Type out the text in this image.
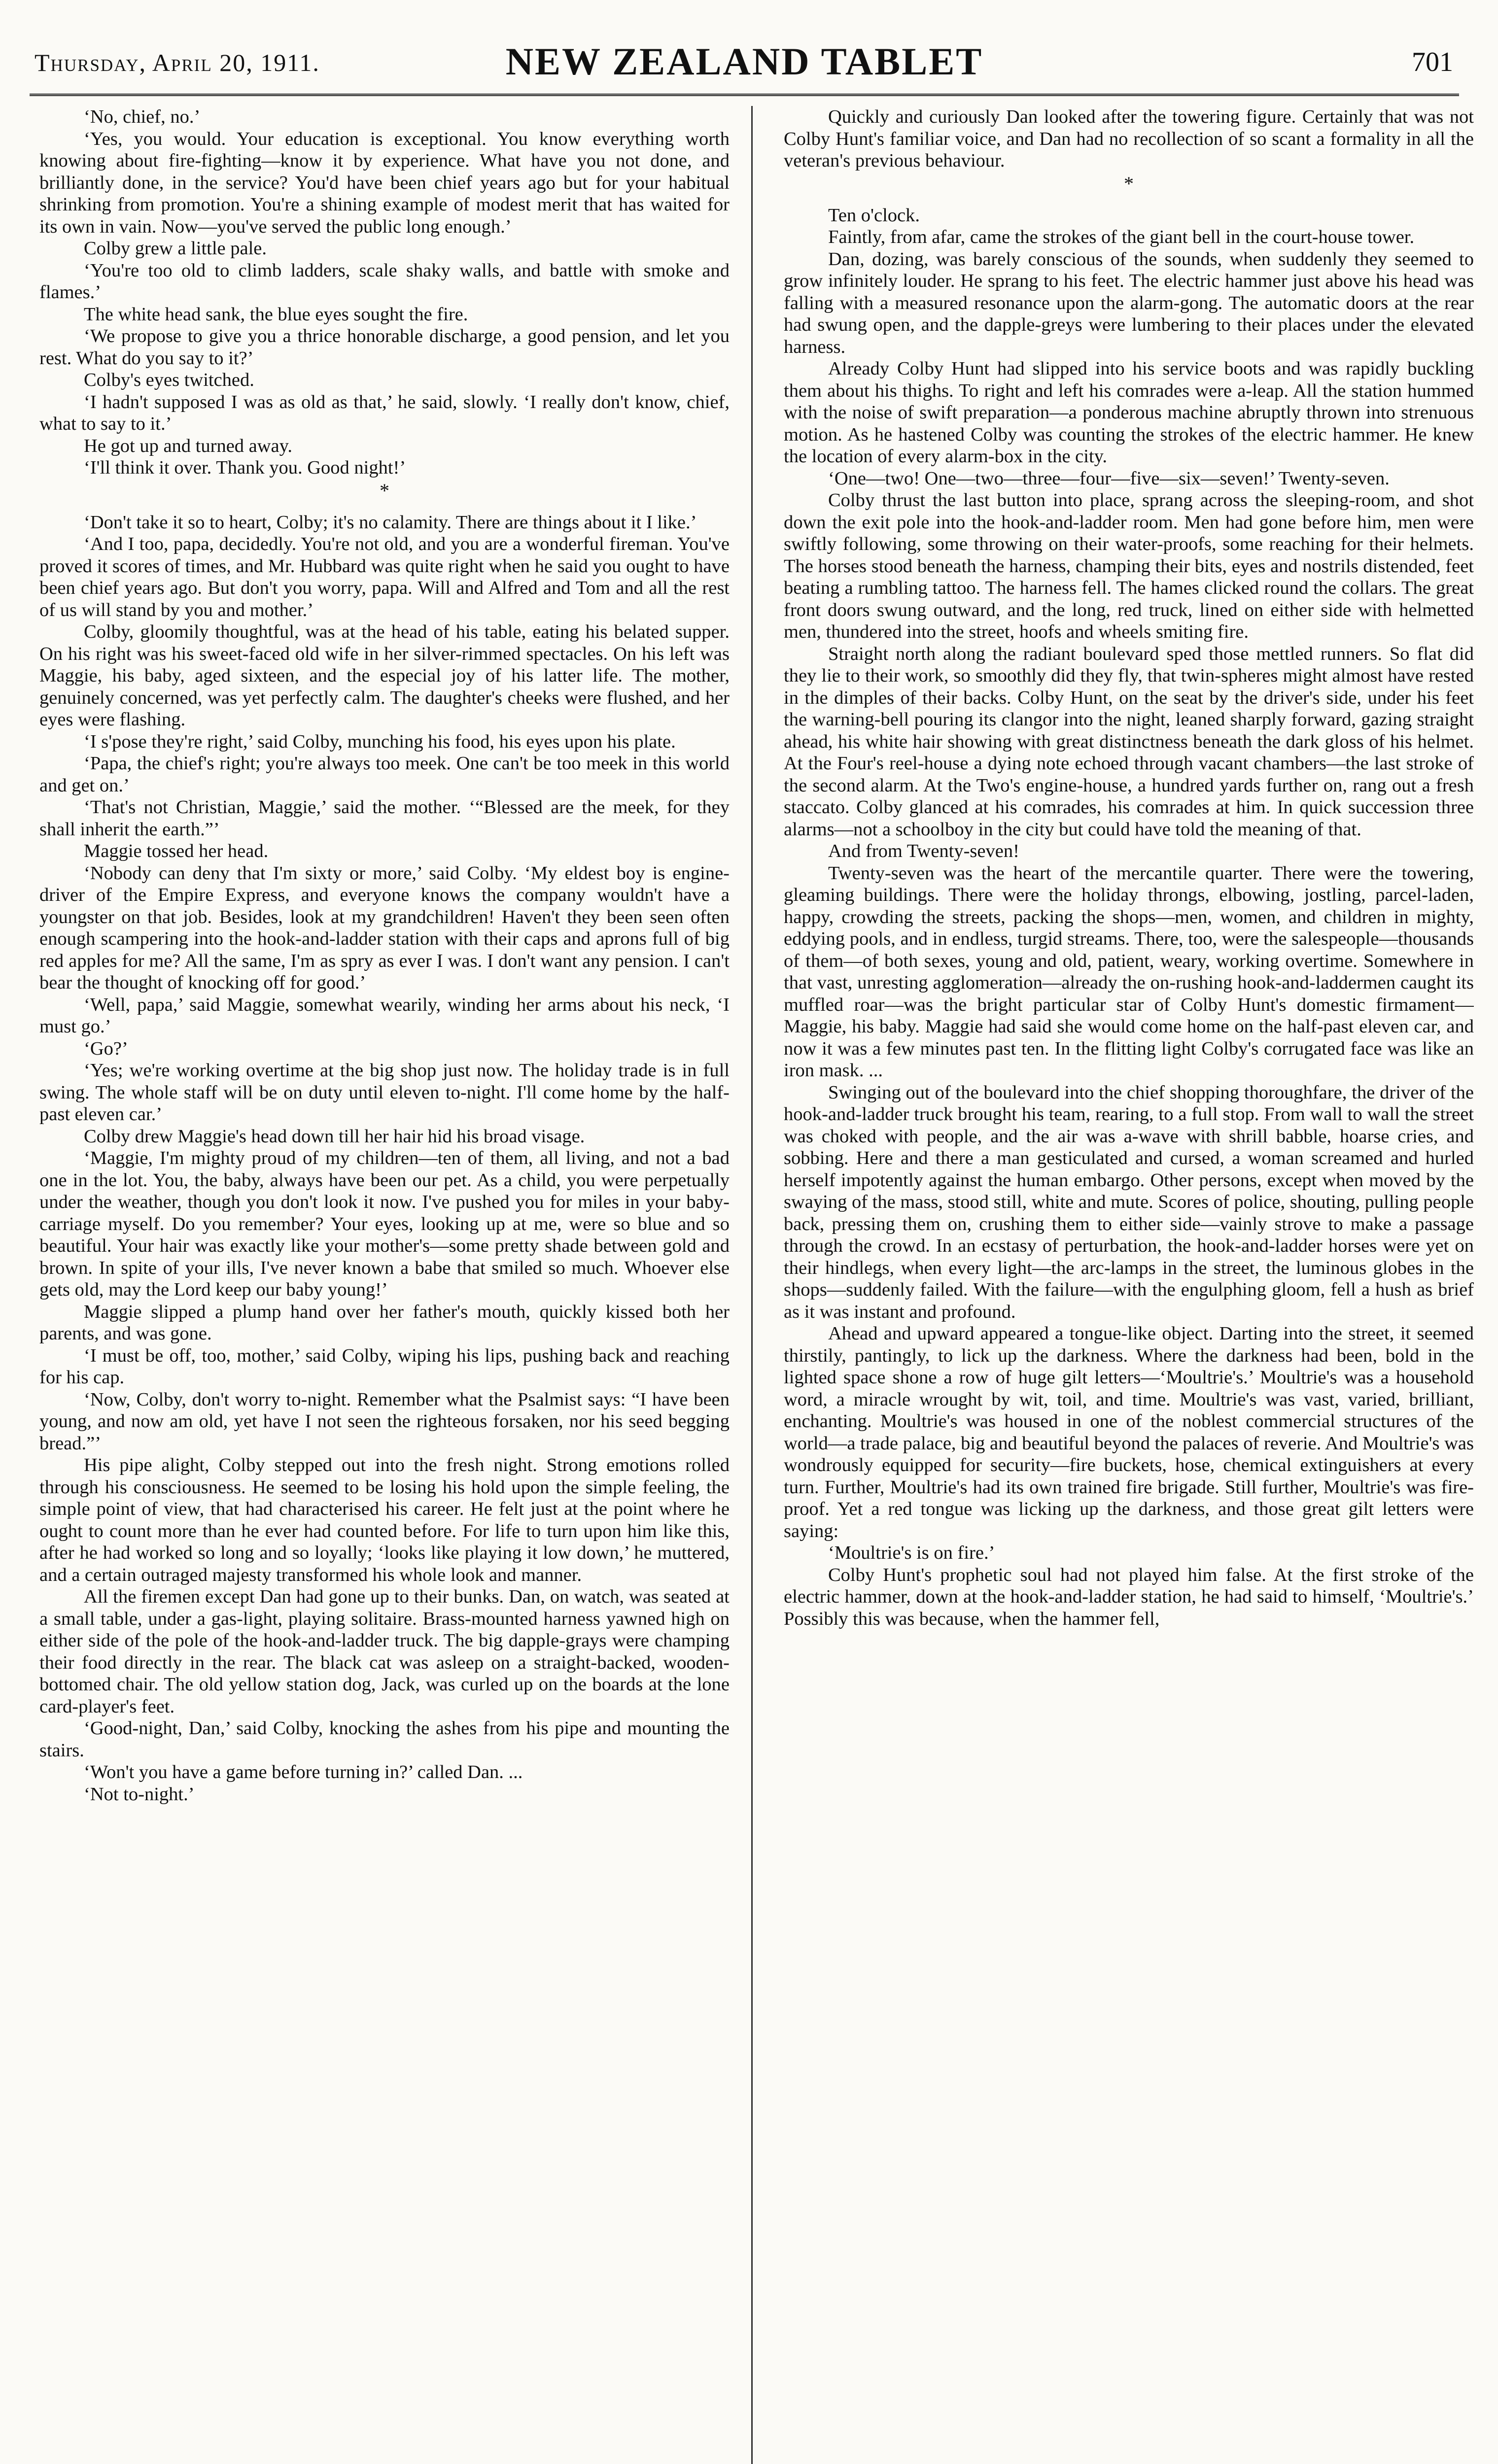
Thursday, April 20, 1911.	NEW ZEALAND TABLET	701

‘No, chief, no.’

‘Yes, you would. Your education is exceptional. You know everything worth knowing about fire-fighting—know it by experience. What have you not done, and brilliantly done, in the service? You'd have been chief years ago but for your habitual shrinking from promotion. You're a shining example of modest merit that has waited for its own in vain. Now—you've served the public long enough.’

Colby grew a little pale.

‘You're too old to climb ladders, scale shaky walls, and battle with smoke and flames.’

The white head sank, the blue eyes sought the fire.

‘We propose to give you a thrice honorable discharge, a good pension, and let you rest. What do you say to it?’

Colby's eyes twitched.

‘I hadn't supposed I was as old as that,’ he said, slowly. ‘I really don't know, chief, what to say to it.’

He got up and turned away.

‘I'll think it over. Thank you. Good night!’

*

‘Don't take it so to heart, Colby; it's no calamity. There are things about it I like.’

‘And I too, papa, decidedly. You're not old, and you are a wonderful fireman. You've proved it scores of times, and Mr. Hubbard was quite right when he said you ought to have been chief years ago. But don't you worry, papa. Will and Alfred and Tom and all the rest of us will stand by you and mother.’

Colby, gloomily thoughtful, was at the head of his table, eating his belated supper. On his right was his sweet-faced old wife in her silver-rimmed spectacles. On his left was Maggie, his baby, aged sixteen, and the especial joy of his latter life. The mother, genuinely concerned, was yet perfectly calm. The daughter's cheeks were flushed, and her eyes were flashing.

‘I s'pose they're right,’ said Colby, munching his food, his eyes upon his plate.

‘Papa, the chief's right; you're always too meek. One can't be too meek in this world and get on.’

‘That's not Christian, Maggie,’ said the mother. ‘“Blessed are the meek, for they shall inherit the earth.”’

Maggie tossed her head.

‘Nobody can deny that I'm sixty or more,’ said Colby. ‘My eldest boy is engine-driver of the Empire Express, and everyone knows the company wouldn't have a youngster on that job. Besides, look at my grandchildren! Haven't they been seen often enough scampering into the hook-and-ladder station with their caps and aprons full of big red apples for me? All the same, I'm as spry as ever I was. I don't want any pension. I can't bear the thought of knocking off for good.’

‘Well, papa,’ said Maggie, somewhat wearily, winding her arms about his neck, ‘I must go.’

‘Go?’

‘Yes; we're working overtime at the big shop just now. The holiday trade is in full swing. The whole staff will be on duty until eleven to-night. I'll come home by the half-past eleven car.’

Colby drew Maggie's head down till her hair hid his broad visage.

‘Maggie, I'm mighty proud of my children—ten of them, all living, and not a bad one in the lot. You, the baby, always have been our pet. As a child, you were perpetually under the weather, though you don't look it now. I've pushed you for miles in your baby-carriage myself. Do you remember? Your eyes, looking up at me, were so blue and so beautiful. Your hair was exactly like your mother's—some pretty shade between gold and brown. In spite of your ills, I've never known a babe that smiled so much. Whoever else gets old, may the Lord keep our baby young!’

Maggie slipped a plump hand over her father's mouth, quickly kissed both her parents, and was gone.

‘I must be off, too, mother,’ said Colby, wiping his lips, pushing back and reaching for his cap.

‘Now, Colby, don't worry to-night. Remember what the Psalmist says: “I have been young, and now am old, yet have I not seen the righteous forsaken, nor his seed begging bread.”’

His pipe alight, Colby stepped out into the fresh night. Strong emotions rolled through his consciousness. He seemed to be losing his hold upon the simple feeling, the simple point of view, that had characterised his career. He felt just at the point where he ought to count more than he ever had counted before. For life to turn upon him like this, after he had worked so long and so loyally; ‘looks like playing it low down,’ he muttered, and a certain outraged majesty transformed his whole look and manner.

All the firemen except Dan had gone up to their bunks. Dan, on watch, was seated at a small table, under a gas-light, playing solitaire. Brass-mounted harness yawned high on either side of the pole of the hook-and-ladder truck. The big dapple-grays were champing their food directly in the rear. The black cat was asleep on a straight-backed, wooden-bottomed chair. The old yellow station dog, Jack, was curled up on the boards at the lone card-player's feet.

‘Good-night, Dan,’ said Colby, knocking the ashes from his pipe and mounting the stairs.

‘Won't you have a game before turning in?’ called Dan. ...

‘Not to-night.’

Quickly and curiously Dan looked after the towering figure. Certainly that was not Colby Hunt's familiar voice, and Dan had no recollection of so scant a formality in all the veteran's previous behaviour.

*

Ten o'clock.

Faintly, from afar, came the strokes of the giant bell in the court-house tower.

Dan, dozing, was barely conscious of the sounds, when suddenly they seemed to grow infinitely louder. He sprang to his feet. The electric hammer just above his head was falling with a measured resonance upon the alarm-gong. The automatic doors at the rear had swung open, and the dapple-greys were lumbering to their places under the elevated harness.

Already Colby Hunt had slipped into his service boots and was rapidly buckling them about his thighs. To right and left his comrades were a-leap. All the station hummed with the noise of swift preparation—a ponderous machine abruptly thrown into strenuous motion. As he hastened Colby was counting the strokes of the electric hammer. He knew the location of every alarm-box in the city.

‘One—two! One—two—three—four—five—six—seven!’ Twenty-seven.

Colby thrust the last button into place, sprang across the sleeping-room, and shot down the exit pole into the hook-and-ladder room. Men had gone before him, men were swiftly following, some throwing on their water-proofs, some reaching for their helmets. The horses stood beneath the harness, champing their bits, eyes and nostrils distended, feet beating a rumbling tattoo. The harness fell. The hames clicked round the collars. The great front doors swung outward, and the long, red truck, lined on either side with helmetted men, thundered into the street, hoofs and wheels smiting fire.

Straight north along the radiant boulevard sped those mettled runners. So flat did they lie to their work, so smoothly did they fly, that twin-spheres might almost have rested in the dimples of their backs. Colby Hunt, on the seat by the driver's side, under his feet the warning-bell pouring its clangor into the night, leaned sharply forward, gazing straight ahead, his white hair showing with great distinctness beneath the dark gloss of his helmet. At the Four's reel-house a dying note echoed through vacant chambers—the last stroke of the second alarm. At the Two's engine-house, a hundred yards further on, rang out a fresh staccato. Colby glanced at his comrades, his comrades at him. In quick succession three alarms—not a schoolboy in the city but could have told the meaning of that.

And from Twenty-seven!

Twenty-seven was the heart of the mercantile quarter. There were the towering, gleaming buildings. There were the holiday throngs, elbowing, jostling, parcel-laden, happy, crowding the streets, packing the shops—men, women, and children in mighty, eddying pools, and in endless, turgid streams. There, too, were the salespeople—thousands of them—of both sexes, young and old, patient, weary, working overtime. Somewhere in that vast, unresting agglomeration—already the on-rushing hook-and-laddermen caught its muffled roar—was the bright particular star of Colby Hunt's domestic firmament—Maggie, his baby. Maggie had said she would come home on the half-past eleven car, and now it was a few minutes past ten. In the flitting light Colby's corrugated face was like an iron mask. ...

Swinging out of the boulevard into the chief shopping thoroughfare, the driver of the hook-and-ladder truck brought his team, rearing, to a full stop. From wall to wall the street was choked with people, and the air was a-wave with shrill babble, hoarse cries, and sobbing. Here and there a man gesticulated and cursed, a woman screamed and hurled herself impotently against the human embargo. Other persons, except when moved by the swaying of the mass, stood still, white and mute. Scores of police, shouting, pulling people back, pressing them on, crushing them to either side—vainly strove to make a passage through the crowd. In an ecstasy of perturbation, the hook-and-ladder horses were yet on their hindlegs, when every light—the arc-lamps in the street, the luminous globes in the shops—suddenly failed. With the failure—with the engulphing gloom, fell a hush as brief as it was instant and profound.

Ahead and upward appeared a tongue-like object. Darting into the street, it seemed thirstily, pantingly, to lick up the darkness. Where the darkness had been, bold in the lighted space shone a row of huge gilt letters—‘Moultrie's.’ Moultrie's was a household word, a miracle wrought by wit, toil, and time. Moultrie's was vast, varied, brilliant, enchanting. Moultrie's was housed in one of the noblest commercial structures of the world—a trade palace, big and beautiful beyond the palaces of reverie. And Moultrie's was wondrously equipped for security—fire buckets, hose, chemical extinguishers at every turn. Further, Moultrie's had its own trained fire brigade. Still further, Moultrie's was fire-proof. Yet a red tongue was licking up the darkness, and those great gilt letters were saying:

‘Moultrie's is on fire.’

Colby Hunt's prophetic soul had not played him false. At the first stroke of the electric hammer, down at the hook-and-ladder station, he had said to himself, ‘Moultrie's.’ Possibly this was because, when the hammer fell,
